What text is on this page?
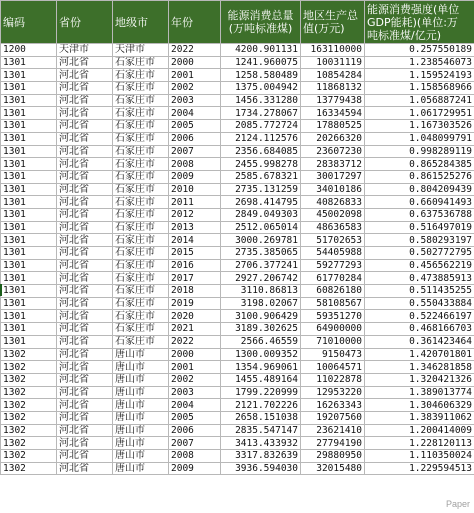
编码	省份	地级市	年份	能源消费总量
(万吨标准煤)	地区生产总
值(万元)	能源消费强度(单位
GDP能耗)(单位:万
吨标准煤/亿元)
1200	天津市	天津市	2022	4200.901131	163110000	0.257550189
1301	河北省	石家庄市	2000	1241.960075	10031119	1.238546073
1301	河北省	石家庄市	2001	1258.580489	10854284	1.159524193
1301	河北省	石家庄市	2002	1375.004942	11868132	1.158568966
1301	河北省	石家庄市	2003	1456.331280	13779438	1.056887241
1301	河北省	石家庄市	2004	1734.278067	16334594	1.061729951
1301	河北省	石家庄市	2005	2085.772724	17880525	1.167303526
1301	河北省	石家庄市	2006	2124.112576	20266320	1.048099791
1301	河北省	石家庄市	2007	2356.684085	23607230	0.998289119
1301	河北省	石家庄市	2008	2455.998278	28383712	0.865284385
1301	河北省	石家庄市	2009	2585.678321	30017297	0.861525276
1301	河北省	石家庄市	2010	2735.131259	34010186	0.804209439
1301	河北省	石家庄市	2011	2698.414795	40826833	0.660941493
1301	河北省	石家庄市	2012	2849.049303	45002098	0.637536788
1301	河北省	石家庄市	2013	2512.065014	48636583	0.516497019
1301	河北省	石家庄市	2014	3000.269781	51702653	0.580293197
1301	河北省	石家庄市	2015	2735.385065	54405988	0.502772795
1301	河北省	石家庄市	2016	2706.377241	59277293	0.456562219
1301	河北省	石家庄市	2017	2927.206742	61770284	0.473885913
1301	河北省	石家庄市	2018	3110.86813	60826180	0.511435255
1301	河北省	石家庄市	2019	3198.02067	58108567	0.550433884
1301	河北省	石家庄市	2020	3100.906429	59351270	0.522466197
1301	河北省	石家庄市	2021	3189.302625	64900000	0.468166703
1301	河北省	石家庄市	2022	2566.46559	71010000	0.361423464
1302	河北省	唐山市	2000	1300.009352	9150473	1.420701801
1302	河北省	唐山市	2001	1354.969061	10064571	1.346281858
1302	河北省	唐山市	2002	1455.489164	11022878	1.320421326
1302	河北省	唐山市	2003	1799.220999	12953220	1.389013774
1302	河北省	唐山市	2004	2121.702226	16263343	1.304606329
1302	河北省	唐山市	2005	2658.151038	19207560	1.383911062
1302	河北省	唐山市	2006	2835.547147	23621410	1.200414009
1302	河北省	唐山市	2007	3413.433932	27794190	1.228120113
1302	河北省	唐山市	2008	3317.832639	29880950	1.110350024
1302	河北省	唐山市	2009	3936.594030	32015480	1.229594513
Paper
